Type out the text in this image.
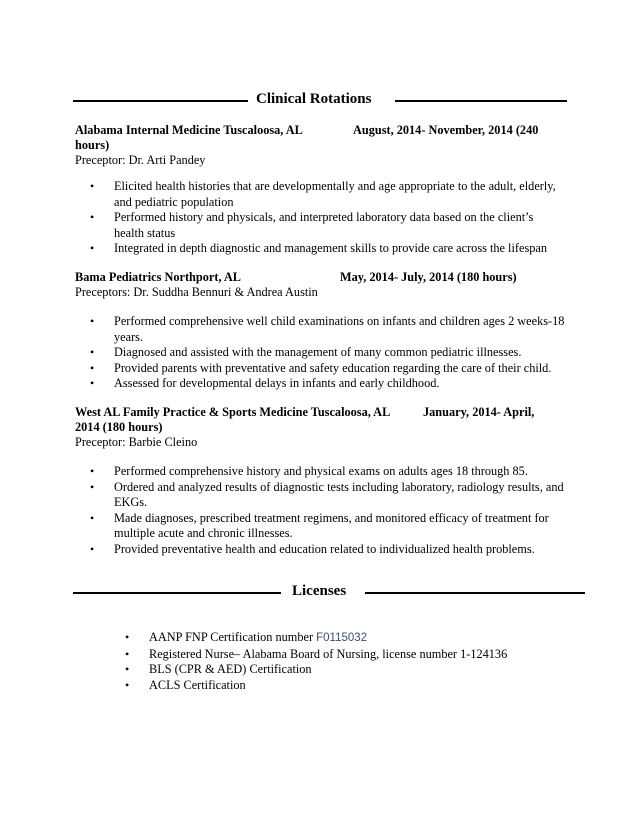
Clinical Rotations
Alabama Internal Medicine Tuscaloosa, AL	August, 2014- November, 2014 (240
hours)
Preceptor: Dr. Arti Pandey
• Elicited health histories that are developmentally and age appropriate to the adult, elderly, and pediatric population
• Performed history and physicals, and interpreted laboratory data based on the client’s health status
• Integrated in depth diagnostic and management skills to provide care across the lifespan
Bama Pediatrics Northport, AL	May, 2014- July, 2014 (180 hours)
Preceptors: Dr. Suddha Bennuri & Andrea Austin
• Performed comprehensive well child examinations on infants and children ages 2 weeks-18 years.
• Diagnosed and assisted with the management of many common pediatric illnesses.
• Provided parents with preventative and safety education regarding the care of their child.
• Assessed for developmental delays in infants and early childhood.
West AL Family Practice & Sports Medicine Tuscaloosa, AL	January, 2014- April,
2014 (180 hours)
Preceptor: Barbie Cleino
• Performed comprehensive history and physical exams on adults ages 18 through 85.
• Ordered and analyzed results of diagnostic tests including laboratory, radiology results, and EKGs.
• Made diagnoses, prescribed treatment regimens, and monitored efficacy of treatment for multiple acute and chronic illnesses.
• Provided preventative health and education related to individualized health problems.
Licenses
• AANP FNP Certification number F0115032
• Registered Nurse– Alabama Board of Nursing, license number 1-124136
• BLS (CPR & AED) Certification
• ACLS Certification
